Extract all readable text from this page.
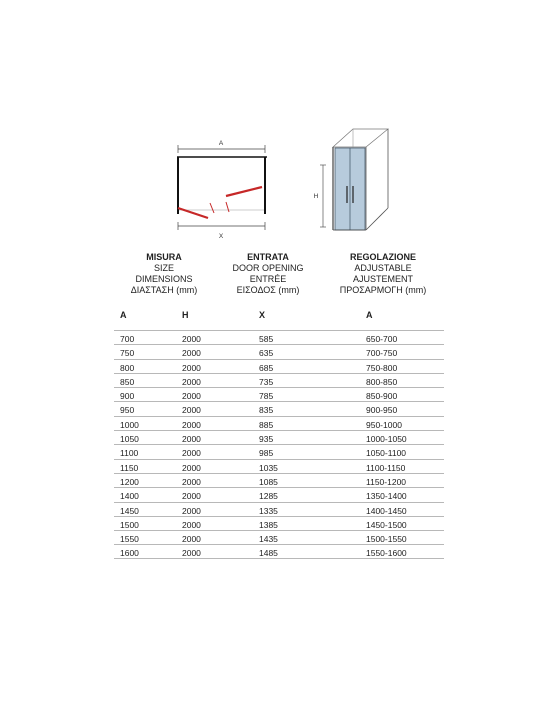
A
X
H
MISURA
SIZE
DIMENSIONS
ΔΙΑΣΤΑΣΗ (mm)
ENTRATA
DOOR OPENING
ENTRÉE
ΕΙΣΟΔΟΣ (mm)
REGOLAZIONE
ADJUSTABLE
AJUSTEMENT
ΠΡΟΣΑΡΜΟΓΗ (mm)
A	H	X	A
700	2000	585	650-700
750	2000	635	700-750
800	2000	685	750-800
850	2000	735	800-850
900	2000	785	850-900
950	2000	835	900-950
1000	2000	885	950-1000
1050	2000	935	1000-1050
1100	2000	985	1050-1100
1150	2000	1035	1100-1150
1200	2000	1085	1150-1200
1400	2000	1285	1350-1400
1450	2000	1335	1400-1450
1500	2000	1385	1450-1500
1550	2000	1435	1500-1550
1600	2000	1485	1550-1600
